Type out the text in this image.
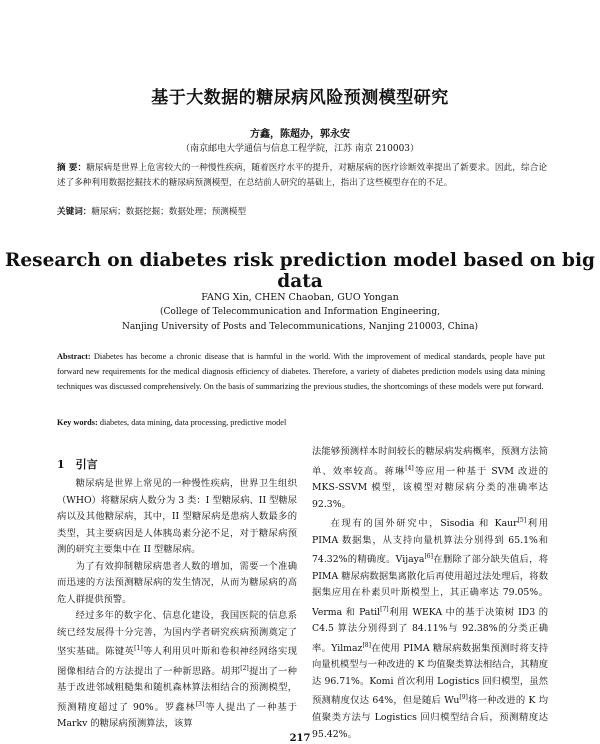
基于大数据的糖尿病风险预测模型研究
方鑫，陈超办，郭永安
（南京邮电大学通信与信息工程学院，江苏 南京 210003）
摘 要：糖尿病是世界上危害较大的一种慢性疾病，随着医疗水平的提升，对糖尿病的医疗诊断效率提出了新要求。因此，综合论述了多种利用数据挖掘技术的糖尿病预测模型，在总结前人研究的基础上，指出了这些模型存在的不足。
关键词：糖尿病；数据挖掘；数据处理；预测模型
Research on diabetes risk prediction model based on big data
FANG Xin, CHEN Chaoban, GUO Yongan
(College of Telecommunication and Information Engineering,
Nanjing University of Posts and Telecommunications, Nanjing 210003, China)
Abstract: Diabetes has become a chronic disease that is harmful in the world. With the improvement of medical standards, people have put forward new requirements for the medical diagnosis efficiency of diabetes. Therefore, a variety of diabetes prediction models using data mining techniques was discussed comprehensively. On the basis of summarizing the previous studies, the shortcomings of these models were put forward.
Key words: diabetes, data mining, data processing, predictive model
1　引言

糖尿病是世界上常见的一种慢性疾病，世界卫生组织（WHO）将糖尿病人数分为 3 类：I 型糖尿病、II 型糖尿病以及其他糖尿病，其中，II 型糖尿病是患病人数最多的类型，其主要病因是人体胰岛素分泌不足，对于糖尿病预测的研究主要集中在 II 型糖尿病。

为了有效抑制糖尿病患者人数的增加，需要一个准确而迅速的方法预测糖尿病的发生情况，从而为糖尿病的高危人群提供预警。

经过多年的数字化、信息化建设，我国医院的信息系统已经发展得十分完善，为国内学者研究疾病预测奠定了坚实基础。陈键英[1]等人利用贝叶斯和卷积神经网络实现图像相结合的方法提出了一种新思路。胡邦[2]提出了一种基于改进邻域粗糙集和随机森林算法相结合的预测模型，预测精度超过了 90%。罗鑫林[3]等人提出了一种基于 Markv 的糖尿病预测算法，该算

法能够预测样本时间较长的糖尿病发病概率，预测方法简单、效率较高。蒋琳[4]等应用一种基于 SVM 改进的 MKS-SSVM 模型，该模型对糖尿病分类的准确率达 92.3%。

在现有的国外研究中，Sisodia 和 Kaur[5]利用 PIMA 数据集，从支持向量机算法分别得到 65.1%和74.32%的精确度。Vijaya[6]在删除了部分缺失值后，将 PIMA 糖尿病数据集离散化后再使用超过法处理后，将数据集应用在朴素贝叶斯模型上，其正确率达 79.05%。Verma 和 Patil[7]利用 WEKA 中的基于决策树 ID3 的 C4.5 算法分别得到了 84.11%与 92.38%的分类正确率。Yilmaz[8]在使用 PIMA 糖尿病数据集预测时将支持向量机模型与一种改进的 K 均值聚类算法相结合，其精度达 96.71%。Komi 首次利用 Logistics 回归模型，虽然预测精度仅达 64%，但是随后 Wu[9]将一种改进的 K 均值聚类方法与 Logistics 回归模型结合后，预测精度达 95.42%。

217
